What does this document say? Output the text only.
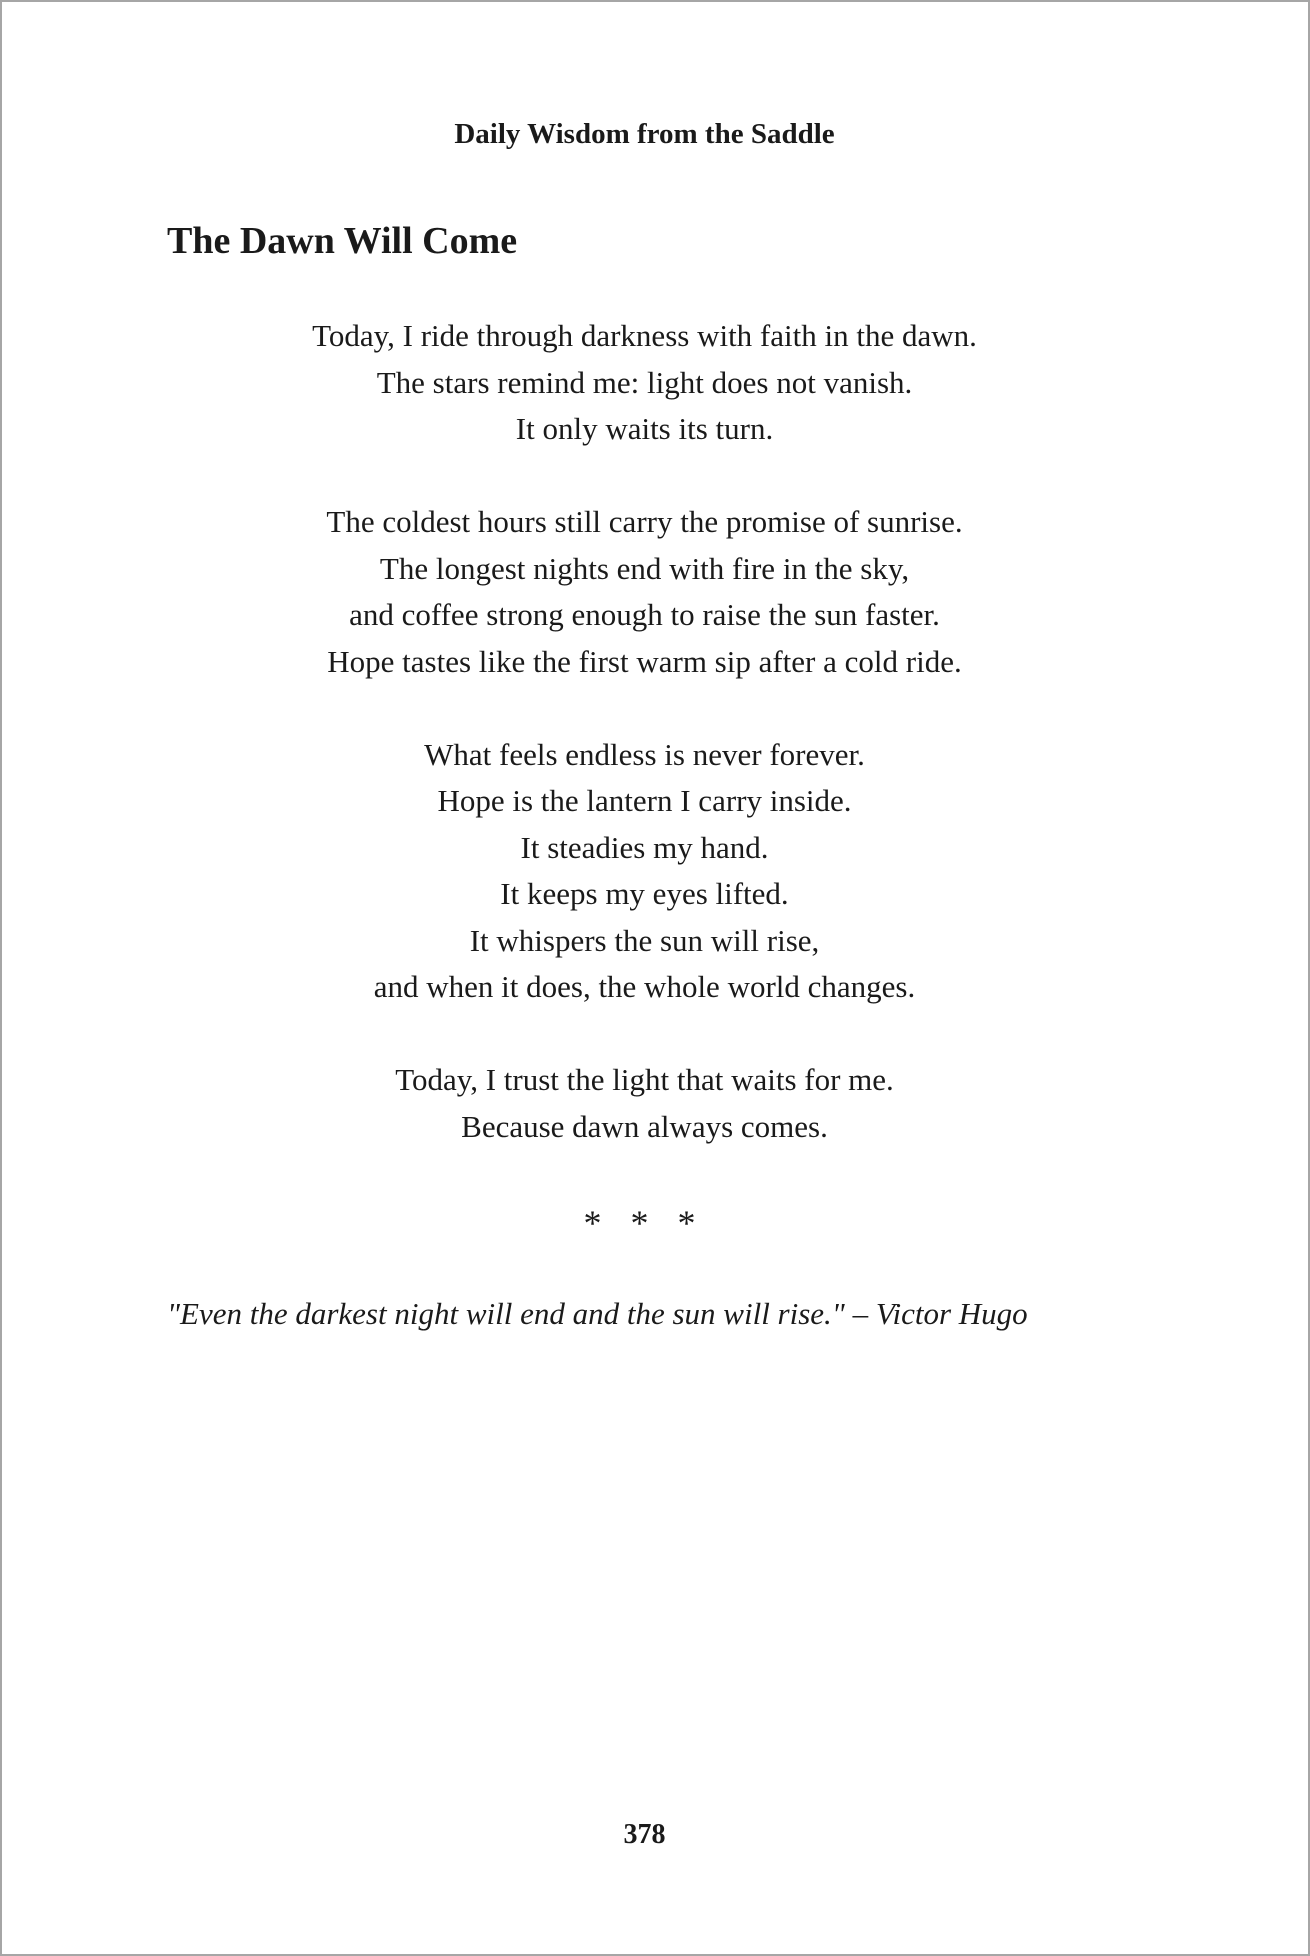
Daily Wisdom from the Saddle
The Dawn Will Come
Today, I ride through darkness with faith in the dawn.
The stars remind me: light does not vanish.
It only waits its turn.
The coldest hours still carry the promise of sunrise.
The longest nights end with fire in the sky,
and coffee strong enough to raise the sun faster.
Hope tastes like the first warm sip after a cold ride.
What feels endless is never forever.
Hope is the lantern I carry inside.
It steadies my hand.
It keeps my eyes lifted.
It whispers the sun will rise,
and when it does, the whole world changes.
Today, I trust the light that waits for me.
Because dawn always comes.
* * *
"Even the darkest night will end and the sun will rise." – Victor Hugo
378
